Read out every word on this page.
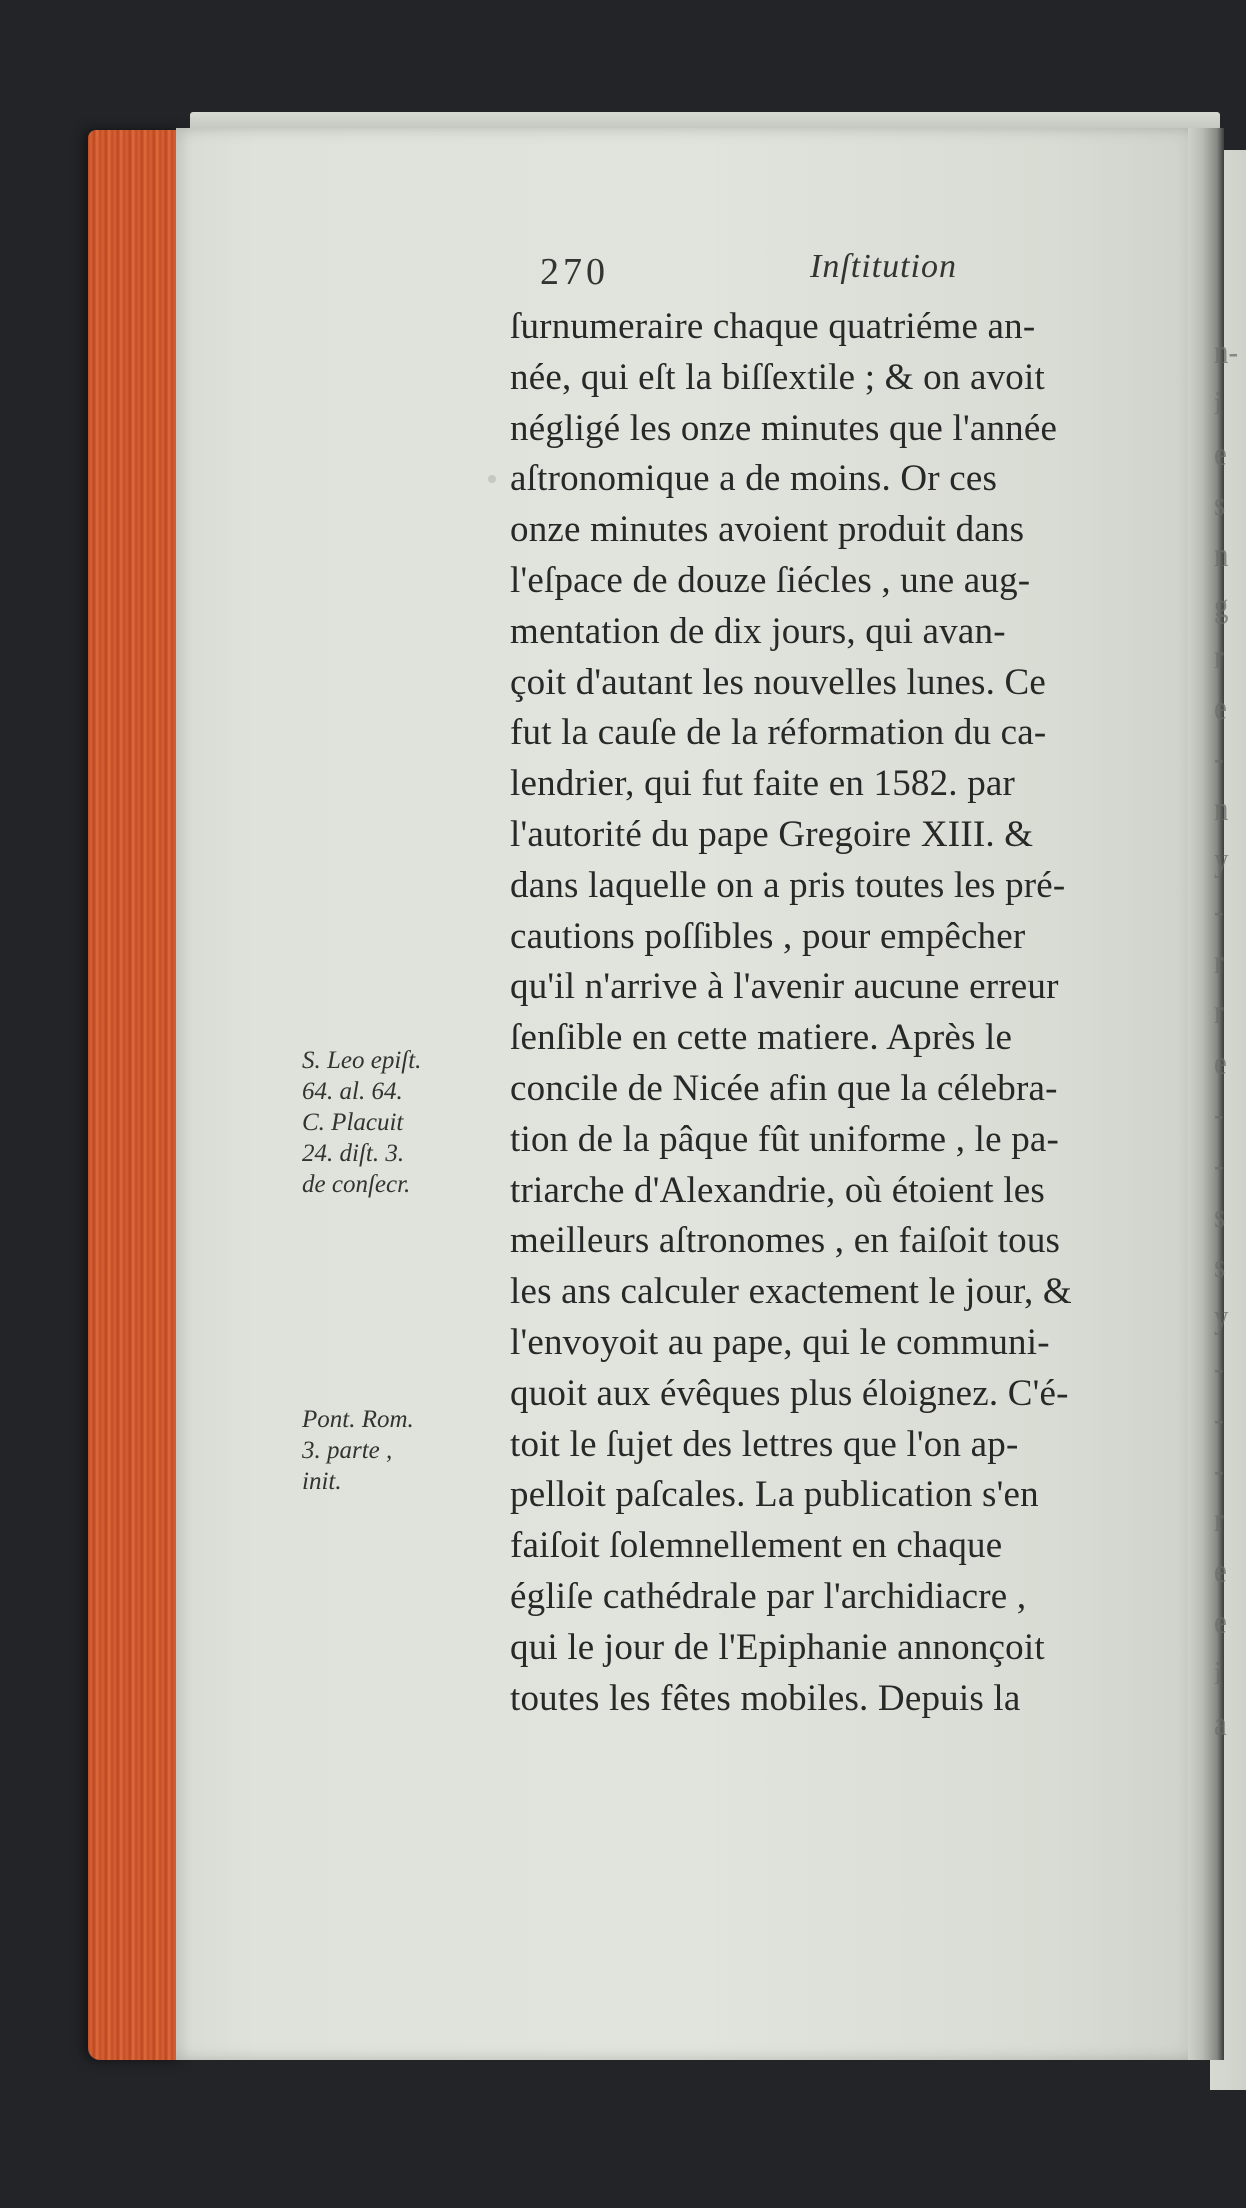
270	Inſtitution
ſurnumeraire chaque quatriéme an-
née, qui eſt la biſſextile ; & on avoit
négligé les onze minutes que l'année
aſtronomique a de moins. Or ces
onze minutes avoient produit dans
l'eſpace de douze ſiécles , une aug-
mentation de dix jours, qui avan-
çoit d'autant les nouvelles lunes. Ce
fut la cauſe de la réformation du ca-
lendrier, qui fut faite en 1582. par
l'autorité du pape Gregoire XIII. &
dans laquelle on a pris toutes les pré-
cautions poſſibles , pour empêcher
qu'il n'arrive à l'avenir aucune erreur
ſenſible en cette matiere. Après le
concile de Nicée afin que la célebra-
tion de la pâque fût uniforme , le pa-
triarche d'Alexandrie, où étoient les
meilleurs aſtronomes , en faiſoit tous
les ans calculer exactement le jour, &
l'envoyoit au pape, qui le communi-
quoit aux évêques plus éloignez. C'é-
toit le ſujet des lettres que l'on ap-
pelloit paſcales. La publication s'en
faiſoit ſolemnellement en chaque
égliſe cathédrale par l'archidiacre ,
qui le jour de l'Epiphanie annonçoit
toutes les fêtes mobiles. Depuis la
S. Leo epiſt.
64. al. 64.
C. Placuit
24. diſt. 3.
de conſecr.
Pont. Rom.
3. parte ,
init.
n-
i
e
s
n
g
r
e
-
n
y
-
r
r
e
-
-
s
s
y
-
-
-
r
e
e
i
a
